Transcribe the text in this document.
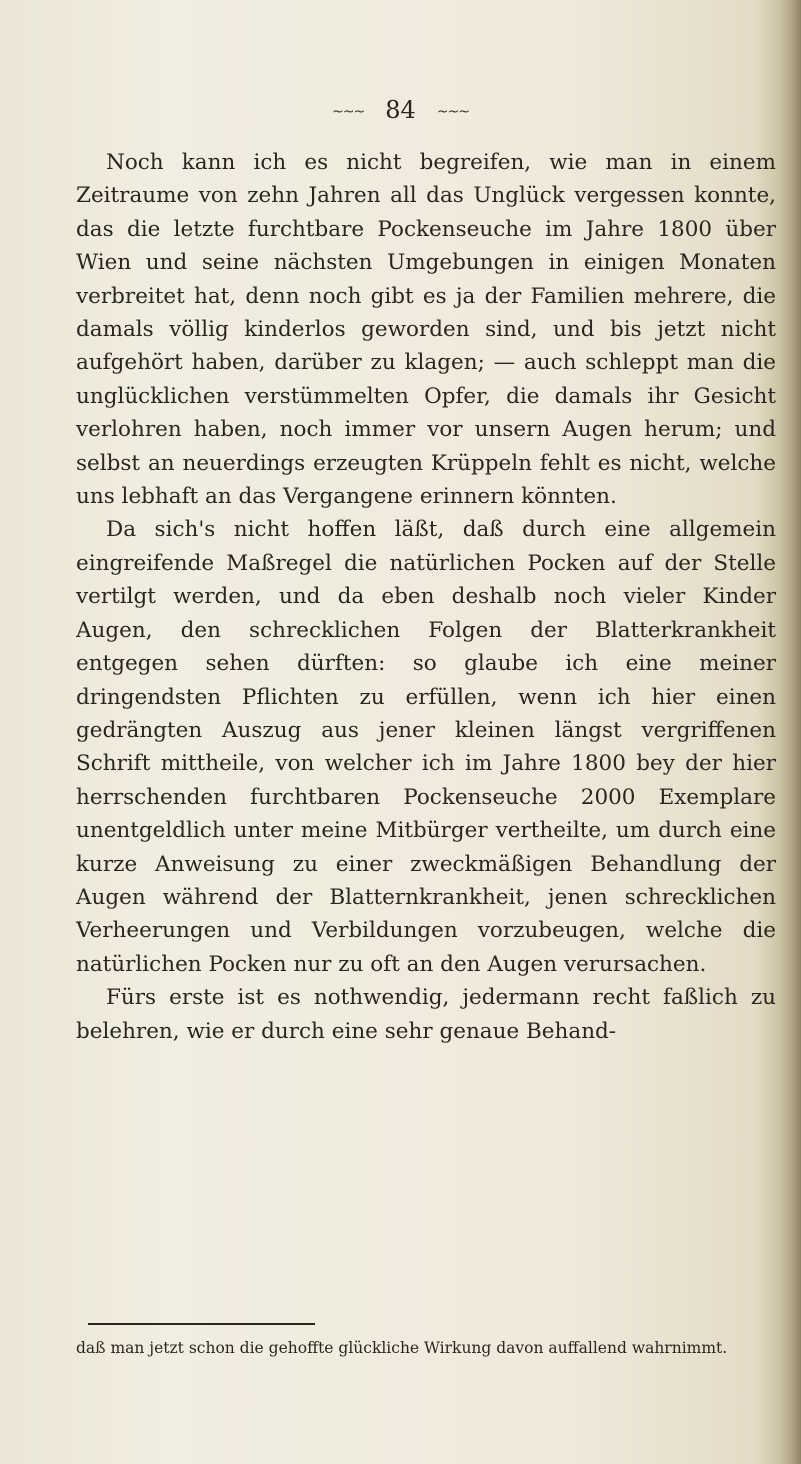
~~~ 84 ~~~

Noch kann ich es nicht begreifen, wie man in einem Zeitraume von zehn Jahren all das Unglück vergessen konnte, das die letzte furchtbare Pockenseuche im Jahre 1800 über Wien und seine nächsten Umgebungen in einigen Monaten verbreitet hat, denn noch gibt es ja der Familien mehrere, die damals völlig kinderlos geworden sind, und bis jetzt nicht aufgehört haben, darüber zu klagen; — auch schleppt man die unglücklichen verstümmelten Opfer, die damals ihr Gesicht verlohren haben, noch immer vor unsern Augen herum; und selbst an neuerdings erzeugten Krüppeln fehlt es nicht, welche uns lebhaft an das Vergangene erinnern könnten.

Da sich's nicht hoffen läßt, daß durch eine allgemein eingreifende Maßregel die natürlichen Pocken auf der Stelle vertilgt werden, und da eben deshalb noch vieler Kinder Augen, den schrecklichen Folgen der Blatterkrankheit entgegen sehen dürften: so glaube ich eine meiner dringendsten Pflichten zu erfüllen, wenn ich hier einen gedrängten Auszug aus jener kleinen längst vergriffenen Schrift mittheile, von welcher ich im Jahre 1800 bey der hier herrschenden furchtbaren Pockenseuche 2000 Exemplare unentgeldlich unter meine Mitbürger vertheilte, um durch eine kurze Anweisung zu einer zweckmäßigen Behandlung der Augen während der Blatternkrankheit, jenen schrecklichen Verheerungen und Verbildungen vorzubeugen, welche die natürlichen Pocken nur zu oft an den Augen verursachen.

Fürs erste ist es nothwendig, jedermann recht faßlich zu belehren, wie er durch eine sehr genaue Behand-

daß man jetzt schon die gehoffte glückliche Wirkung davon auffallend wahrnimmt.
